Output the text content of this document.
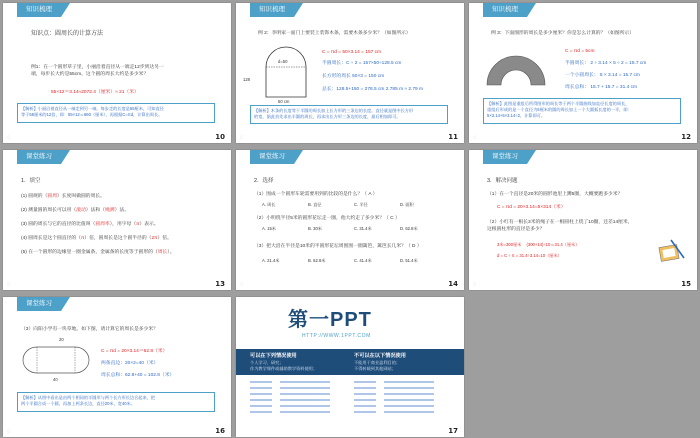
知识梳理
知识点：圆周长的计算方法
例1：在一个圆形草子里，小丽沿着直径从一端走12步到达另一
端，每步长大约是55cm。这个圆的周长大约是多少米？
55×12＝3.14≈2072.4（厘米）≈ 21（米）
【解析】小丽沿着直径从一端走到另一端，每步走的长度是55厘米，可知直径
等于55厘米的12倍，即：55×12＝660（厘米），再根据C=πd，计算出周长。
◌	10
知识梳理
例 2：李明家一面门上要装上装饰木条，需要木条多少米？（如图所示）
d=50
50 cm
128
C = πd = 50×3.14 = 157 cm
半圆周长：C ÷ 2 = 157×50÷128.5 cm
长方形的周长 50×3 = 150 cm
总长：128.5+150 = 278.5 cm 2.785 m ≈ 2.79 m
【解析】木条的长度等于半圆的周长加上长方形的三条边的长度。直径就是图中长方形
的宽，据此首先求出半圆的周长，再求出长方形三条边的长度，最后相加即可。
◌	11
知识梳理
例 3：下面图形的周长是多少厘米？你是怎么计算的？（如图所示）
C = πd = 5cm
半圆周长： 2 ÷ 3.14 × 5 ÷ 2 = 15.7 cm
一个小圆周长： 5 × 3.14 = 15.7 cm
周长总和： 15.7 + 15.7 = 31.4 cm
【解析】此图是重组后所得图形的周长等于两个半圆曲线加直径长度的周长，
重组后形成的是一个直径为5厘米的圆的周长加上一个大圆弧长度的一半，即：
5×3.14+5×3.14÷2，计算即可。
◌	12
课堂练习
1．填空
(1) 圆规的（圆周）长度叫做圆的周长。
(2) 测量圆的周长可以用（滚动）法和（绳测）法。
(3) 圆的周长与它的直径的比值叫（圆周率），用字母（π）表示。
(4) 圆周长是这个圆直径的（π）倍，圆周长是这个圆半径的（2π）倍。
(5) 在一个圆形的边缘里一圈金属条，金属条的长度等于圆形的（周长）。
◌	13
课堂练习
2．选择
（1）围成一个圆形车轮需要用到的比较的是什么？（ A ）
A. 周长	B. 直径	C. 半径	D. 面积
（2）小明绕半径5米的圆形花坛走一圈，他大约走了多少米？（ C ）
A. 15米	B. 30米	C. 31.4米	D. 62.8米
（3）把大沿在半径是10米的半圆形花坛周围围一圈篱笆，篱笆长几米？（ D ）
A. 21.4米	B. 62.8米	C. 41.4米	D. 51.4米
◌	14
课堂练习
3．解决问题
（1）在一个直径是20米的圆形池里上蹲5圈，大概要跑多少米？
C = πd = 20×3.14=5×314（米）
（2）小红有一根长3米的绳子在一根圆柱上绕了10圈，还差14厘米，
这根圆柱形的直径是多少？
3米=300厘米 (300+14)÷10＝31.4（厘米）
d = C ÷ π = 31.4÷3.14=10（厘米）
◌	15
课堂练习
（3）向阳小学有一块草地，如下图，请计算它的周长是多少米？
20
40
C = πd = 20×3.14＝62.8（米）
两条直边：20×2=40（米）
周长总和：62.8+40 = 102.8（米）
【解析】从图中看出是由两个相同的半圆形与两个长方形长边合起来，把
两个半圆合成一个圆，再加上两条长边，直径20米，宽40米。
◌	16
第一PPT
HTTP://WWW.1PPT.COM
可以在下列情况使用
个人学习、研究；
作为教学课件或辅助教学资料使用；
不可以在以下情况使用
不能用于商业盈利目的；
不得转载到其他网站；
17
